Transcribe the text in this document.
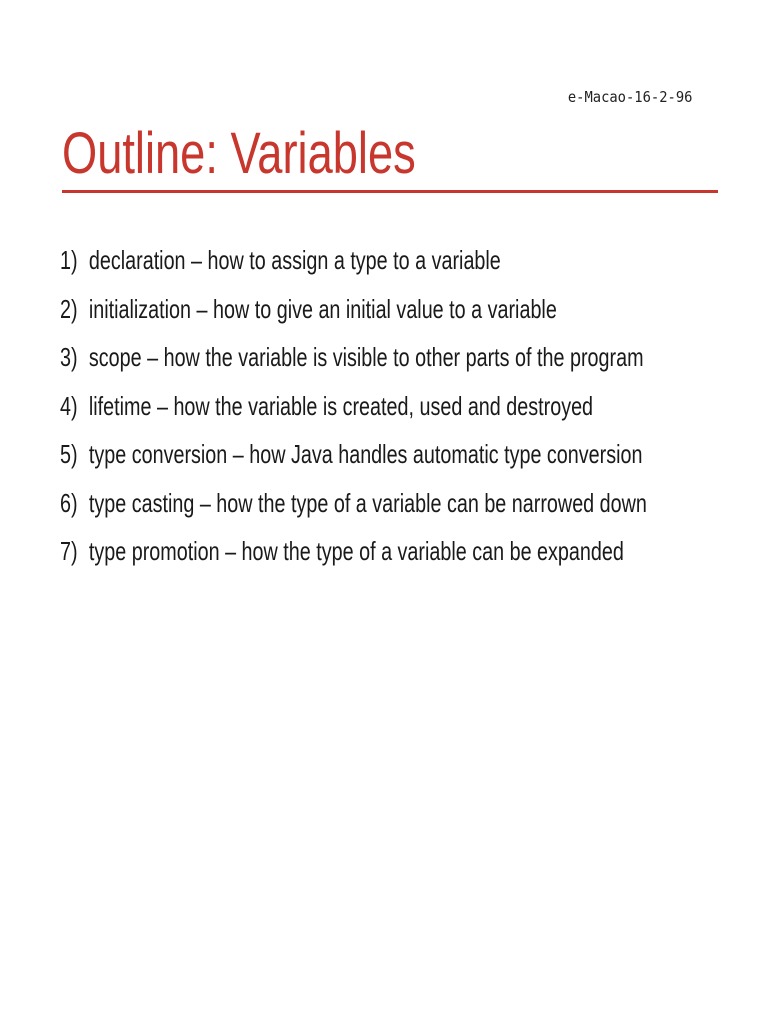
e-Macao-16-2-96
Outline: Variables
1) declaration – how to assign a type to a variable
2) initialization – how to give an initial value to a variable
3) scope – how the variable is visible to other parts of the program
4) lifetime – how the variable is created, used and destroyed
5) type conversion – how Java handles automatic type conversion
6) type casting – how the type of a variable can be narrowed down
7) type promotion – how the type of a variable can be expanded
